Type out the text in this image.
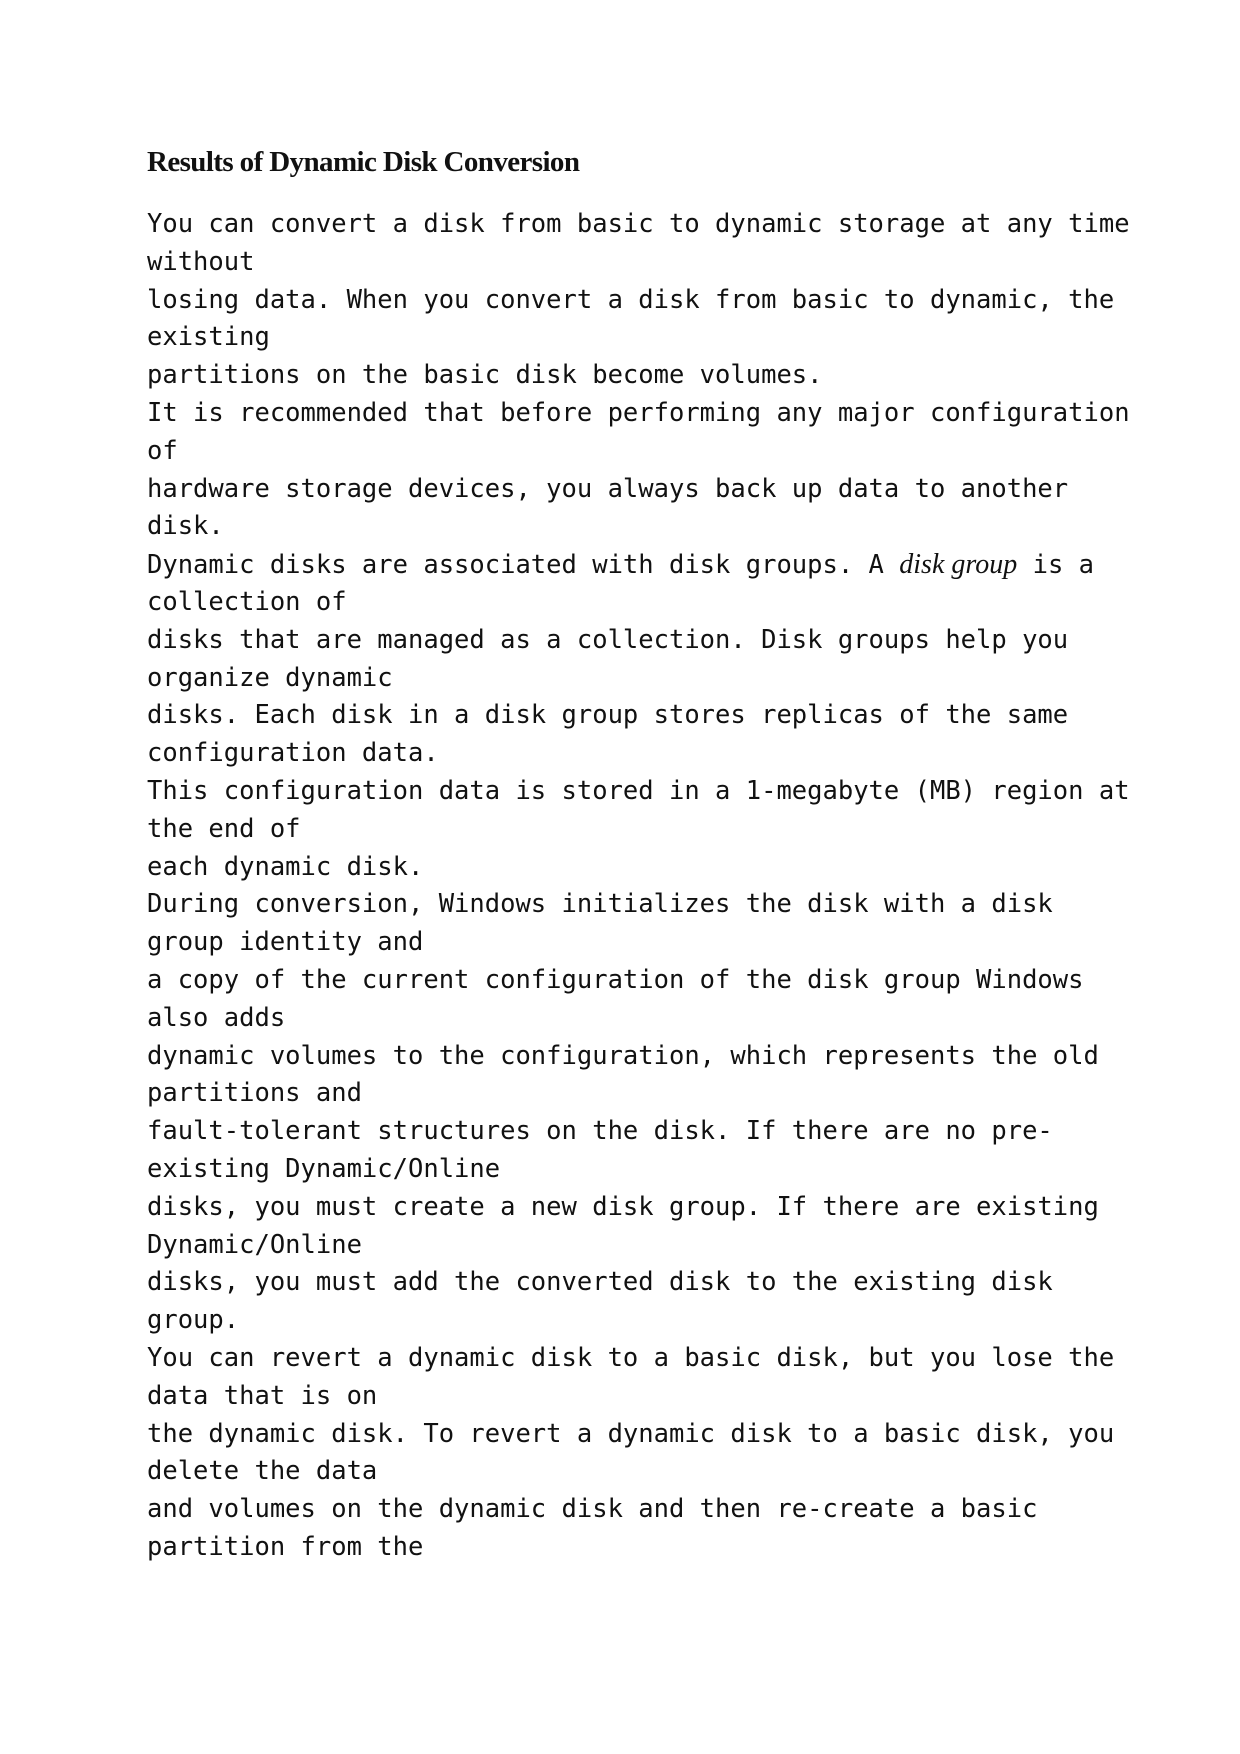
Results of Dynamic Disk Conversion
You can convert a disk from basic to dynamic storage at any time
without
losing data. When you convert a disk from basic to dynamic, the
existing
partitions on the basic disk become volumes.
It is recommended that before performing any major configuration
of
hardware storage devices, you always back up data to another
disk.
Dynamic disks are associated with disk groups. A disk group is a
collection of
disks that are managed as a collection. Disk groups help you
organize dynamic
disks. Each disk in a disk group stores replicas of the same
configuration data.
This configuration data is stored in a 1-megabyte (MB) region at
the end of
each dynamic disk.
During conversion, Windows initializes the disk with a disk
group identity and
a copy of the current configuration of the disk group Windows
also adds
dynamic volumes to the configuration, which represents the old
partitions and
fault-tolerant structures on the disk. If there are no pre-
existing Dynamic/Online
disks, you must create a new disk group. If there are existing
Dynamic/Online
disks, you must add the converted disk to the existing disk
group.
You can revert a dynamic disk to a basic disk, but you lose the
data that is on
the dynamic disk. To revert a dynamic disk to a basic disk, you
delete the data
and volumes on the dynamic disk and then re-create a basic
partition from the
